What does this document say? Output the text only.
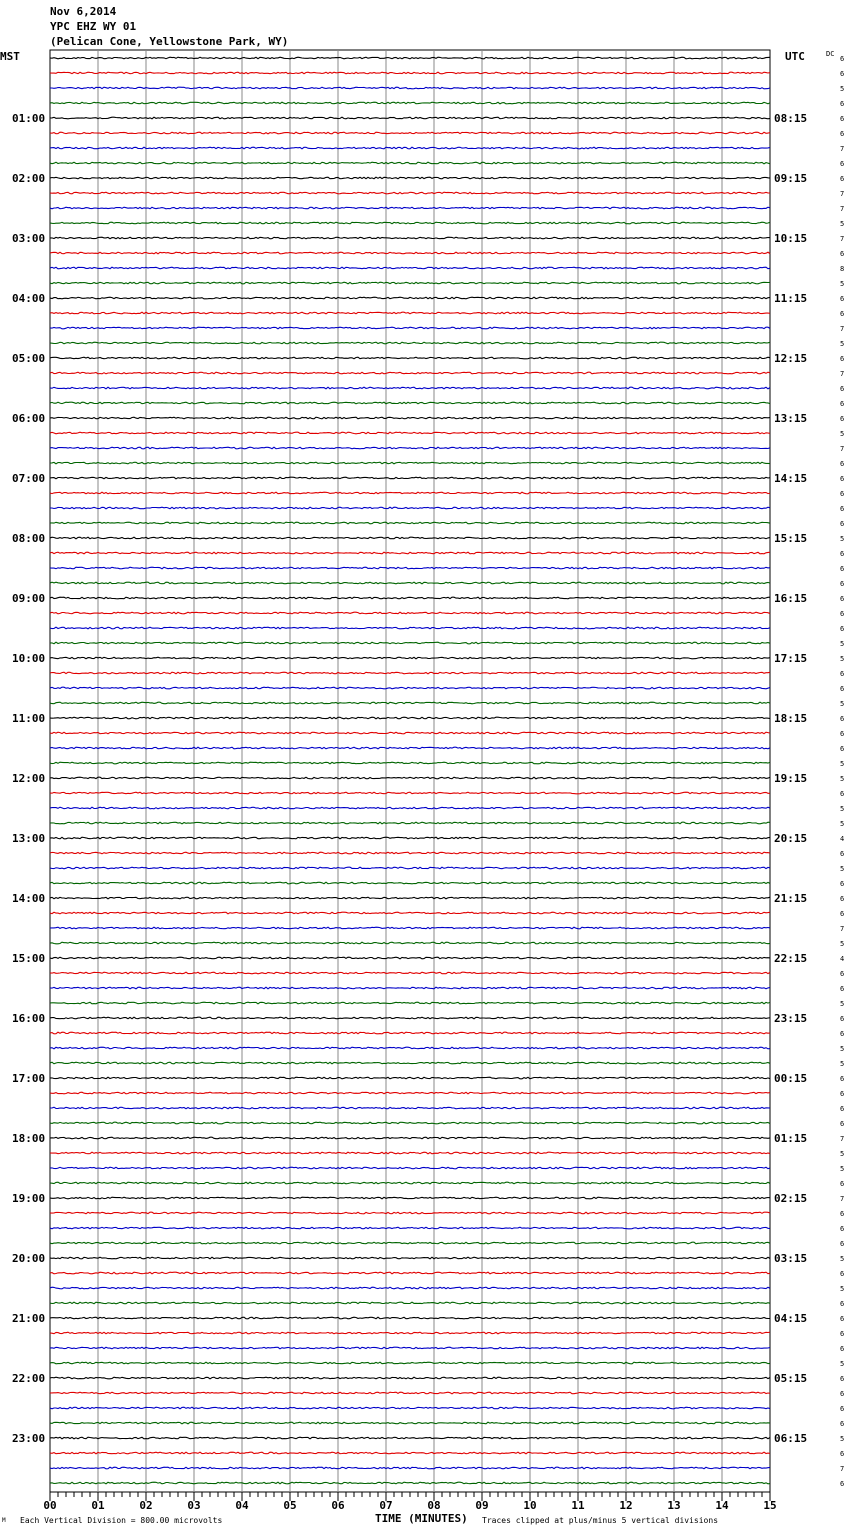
Nov 6,2014
YPC EHZ WY 01
(Pelican Cone, Yellowstone Park, WY)
MST	UTC	DC
6
6
5
6
6
6
7
6
6
7
7
5
7
6
8
5
6
6
7
5
6
7
6
6
6
5
7
6
6
6
6
6
5
6
6
6
6
6
6
5
5
6
6
5
6
6
6
5
5
6
5
5
4
6
5
6
6
6
7
5
4
6
6
5
6
6
5
5
6
6
6
6
7
5
5
6
7
6
6
6
5
6
5
6
6
6
6
5
6
6
6
6
5
6
7
6
01:00
02:00
03:00
04:00
05:00
06:00
07:00
08:00
09:00
10:00
11:00
12:00
13:00
14:00
15:00
16:00
17:00
18:00
19:00
20:00
21:00
22:00
23:00
08:15
09:15
10:15
11:15
12:15
13:15
14:15
15:15
16:15
17:15
18:15
19:15
20:15
21:15
22:15
23:15
00:15
01:15
02:15
03:15
04:15
05:15
06:15
00	01	02	03	04	05	06	07	08	09	10	11	12	13	14	15
M Each Vertical Division = 800.00 microvolts	TIME (MINUTES) Traces clipped at plus/minus 5 vertical divisions
